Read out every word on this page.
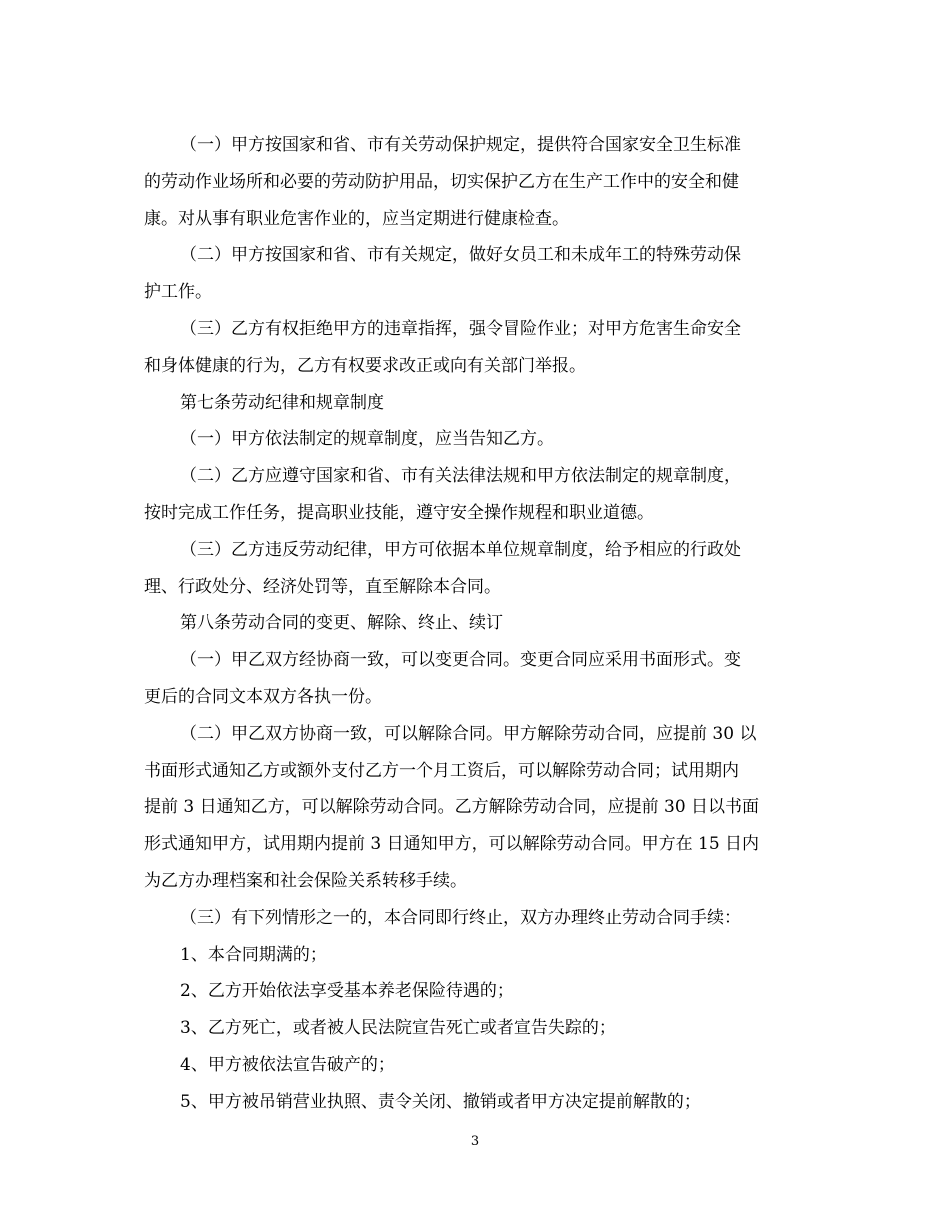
（一）甲方按国家和省、市有关劳动保护规定，提供符合国家安全卫生标准
的劳动作业场所和必要的劳动防护用品，切实保护乙方在生产工作中的安全和健
康。对从事有职业危害作业的，应当定期进行健康检查。
（二）甲方按国家和省、市有关规定，做好女员工和未成年工的特殊劳动保
护工作。
（三）乙方有权拒绝甲方的违章指挥，强令冒险作业；对甲方危害生命安全
和身体健康的行为，乙方有权要求改正或向有关部门举报。
第七条劳动纪律和规章制度
（一）甲方依法制定的规章制度，应当告知乙方。
（二）乙方应遵守国家和省、市有关法律法规和甲方依法制定的规章制度，
按时完成工作任务，提高职业技能，遵守安全操作规程和职业道德。
（三）乙方违反劳动纪律，甲方可依据本单位规章制度，给予相应的行政处
理、行政处分、经济处罚等，直至解除本合同。
第八条劳动合同的变更、解除、终止、续订
（一）甲乙双方经协商一致，可以变更合同。变更合同应采用书面形式。变
更后的合同文本双方各执一份。
（二）甲乙双方协商一致，可以解除合同。甲方解除劳动合同，应提前 30 以
书面形式通知乙方或额外支付乙方一个月工资后，可以解除劳动合同；试用期内
提前 3 日通知乙方，可以解除劳动合同。乙方解除劳动合同，应提前 30 日以书面
形式通知甲方，试用期内提前 3 日通知甲方，可以解除劳动合同。甲方在 15 日内
为乙方办理档案和社会保险关系转移手续。
（三）有下列情形之一的，本合同即行终止，双方办理终止劳动合同手续：
1、本合同期满的；
2、乙方开始依法享受基本养老保险待遇的；
3、乙方死亡，或者被人民法院宣告死亡或者宣告失踪的；
4、甲方被依法宣告破产的；
5、甲方被吊销营业执照、责令关闭、撤销或者甲方决定提前解散的；
3
